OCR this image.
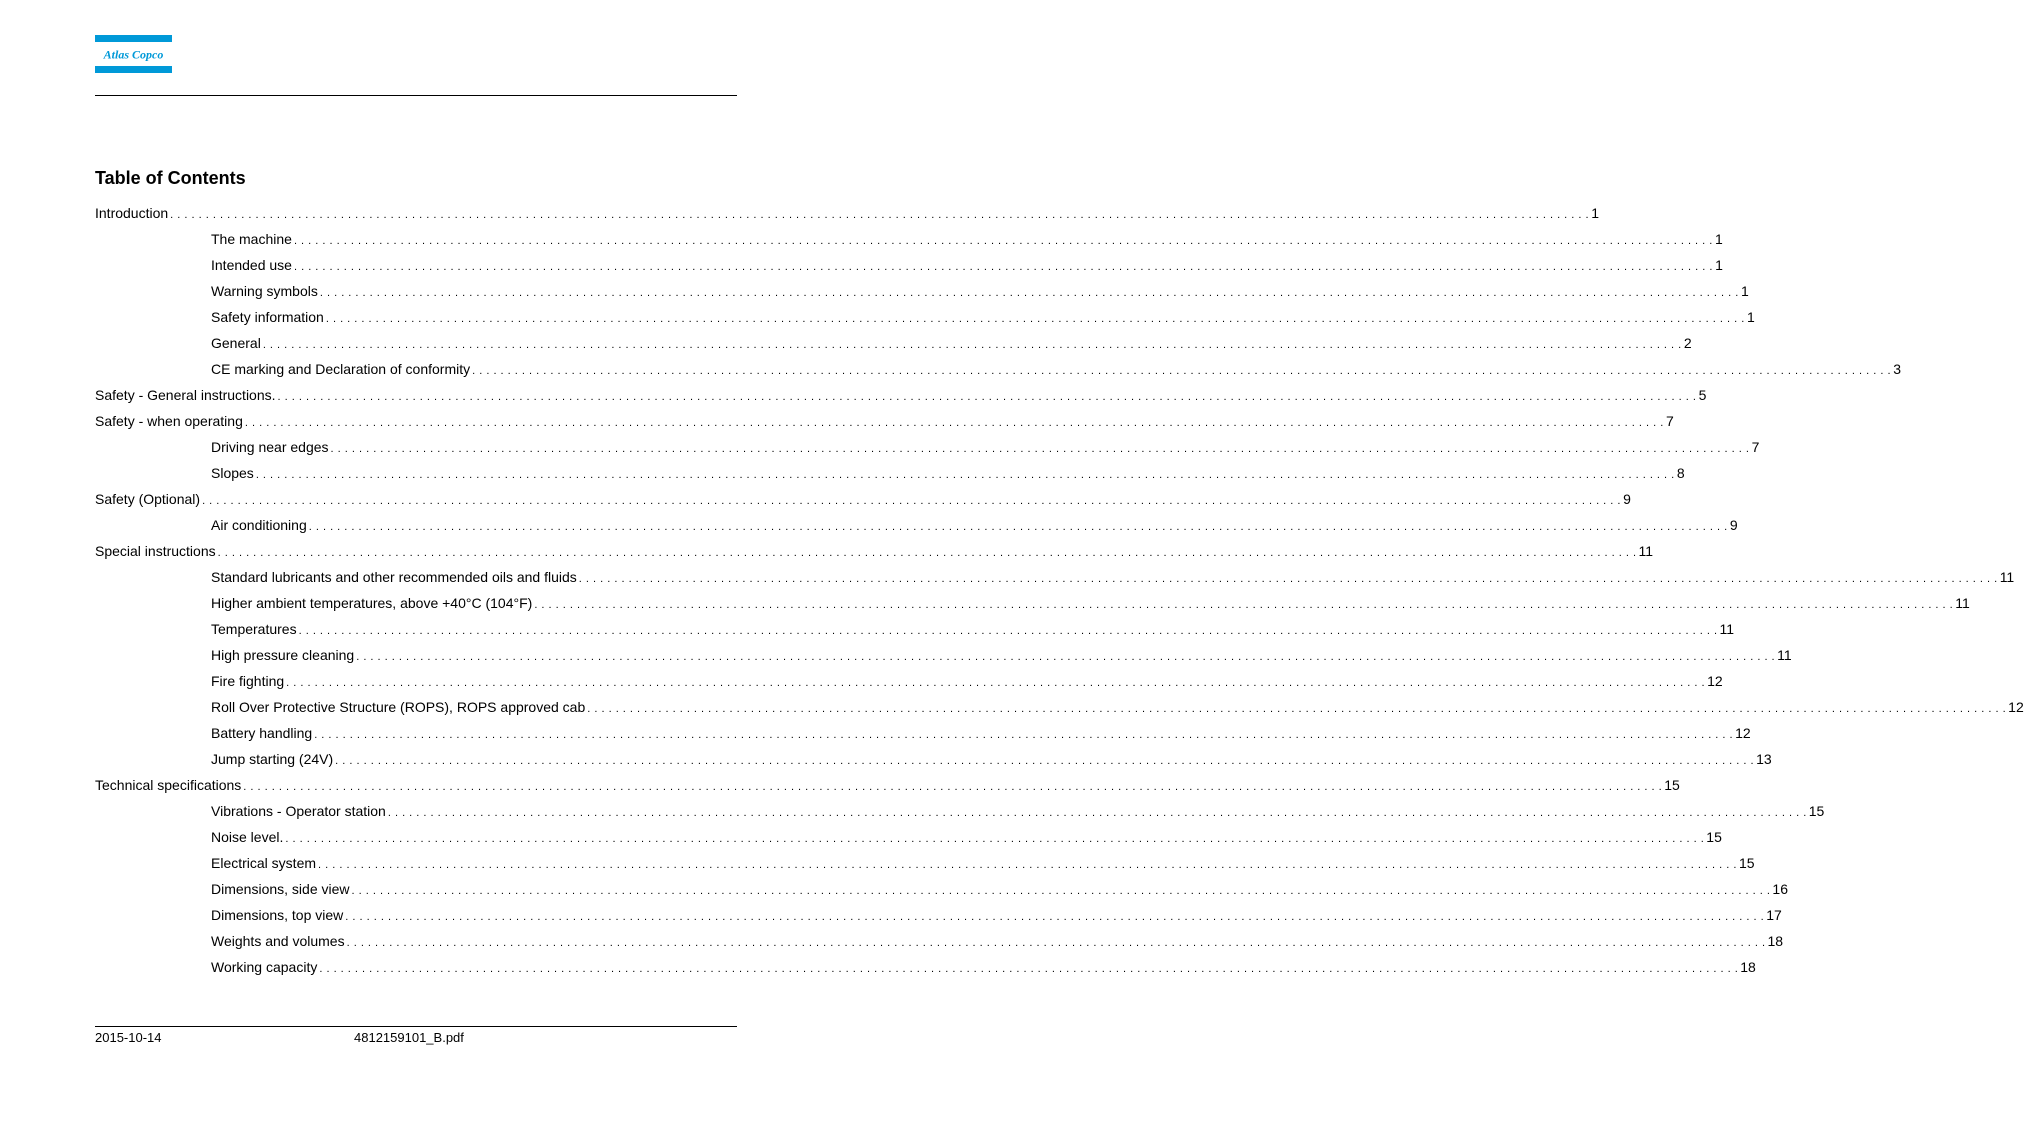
Atlas Copco
Table of Contents
Introduction . . . . . . . . . . . . . . . . . . . . . . . . . . . . . . . . . . . . . . . . . . . . . . . . . . . . . . . . . . . . . . . . . . . . . . . . . . . . . . . . . . . . . . . . . . . . . . . . . . . . . . . . . . . . . . . . . . . . . . . . . . . . . . . . . . . . . . . . . . . . . . . . . . . . . . . . . . . . . . . . . . . . . . . . . . . . . . . . . . . . . . . . . . . . . . . . . . . . . . . . 1
The machine . . . . . . . . . . . . . . . . . . . . . . . . . . . . . . . . . . . . . . . . . . . . . . . . . . . . . . . . . . . . . . . . . . . . . . . . . . . . . . . . . . . . . . . . . . . . . . . . . . . . . . . . . . . . . . . . . . . . . . . . . . . . . . . . . . . . . . . . . . . . . . . . . . . . . . . . . . . . . . . . . . . . . . . . . . . . . . . . . . . . . . . . . . . . . . . . . . . . . . . . 1
Intended use . . . . . . . . . . . . . . . . . . . . . . . . . . . . . . . . . . . . . . . . . . . . . . . . . . . . . . . . . . . . . . . . . . . . . . . . . . . . . . . . . . . . . . . . . . . . . . . . . . . . . . . . . . . . . . . . . . . . . . . . . . . . . . . . . . . . . . . . . . . . . . . . . . . . . . . . . . . . . . . . . . . . . . . . . . . . . . . . . . . . . . . . . . . . . . . . . . . . . . . . 1
Warning symbols . . . . . . . . . . . . . . . . . . . . . . . . . . . . . . . . . . . . . . . . . . . . . . . . . . . . . . . . . . . . . . . . . . . . . . . . . . . . . . . . . . . . . . . . . . . . . . . . . . . . . . . . . . . . . . . . . . . . . . . . . . . . . . . . . . . . . . . . . . . . . . . . . . . . . . . . . . . . . . . . . . . . . . . . . . . . . . . . . . . . . . . . . . . . . . . . . . . . . . . . 1
Safety information . . . . . . . . . . . . . . . . . . . . . . . . . . . . . . . . . . . . . . . . . . . . . . . . . . . . . . . . . . . . . . . . . . . . . . . . . . . . . . . . . . . . . . . . . . . . . . . . . . . . . . . . . . . . . . . . . . . . . . . . . . . . . . . . . . . . . . . . . . . . . . . . . . . . . . . . . . . . . . . . . . . . . . . . . . . . . . . . . . . . . . . . . . . . . . . . . . . . . . . . 1
General . . . . . . . . . . . . . . . . . . . . . . . . . . . . . . . . . . . . . . . . . . . . . . . . . . . . . . . . . . . . . . . . . . . . . . . . . . . . . . . . . . . . . . . . . . . . . . . . . . . . . . . . . . . . . . . . . . . . . . . . . . . . . . . . . . . . . . . . . . . . . . . . . . . . . . . . . . . . . . . . . . . . . . . . . . . . . . . . . . . . . . . . . . . . . . . . . . . . . . . . 2
CE marking and Declaration of conformity . . . . . . . . . . . . . . . . . . . . . . . . . . . . . . . . . . . . . . . . . . . . . . . . . . . . . . . . . . . . . . . . . . . . . . . . . . . . . . . . . . . . . . . . . . . . . . . . . . . . . . . . . . . . . . . . . . . . . . . . . . . . . . . . . . . . . . . . . . . . . . . . . . . . . . . . . . . . . . . . . . . . . . . . . . . . . . . . . . . . . . . . . . . . . . . . . . . . . . . . 3
Safety - General instructions. . . . . . . . . . . . . . . . . . . . . . . . . . . . . . . . . . . . . . . . . . . . . . . . . . . . . . . . . . . . . . . . . . . . . . . . . . . . . . . . . . . . . . . . . . . . . . . . . . . . . . . . . . . . . . . . . . . . . . . . . . . . . . . . . . . . . . . . . . . . . . . . . . . . . . . . . . . . . . . . . . . . . . . . . . . . . . . . . . . . . . . . . . . . . . . . . . . . . . . . . 5
Safety - when operating . . . . . . . . . . . . . . . . . . . . . . . . . . . . . . . . . . . . . . . . . . . . . . . . . . . . . . . . . . . . . . . . . . . . . . . . . . . . . . . . . . . . . . . . . . . . . . . . . . . . . . . . . . . . . . . . . . . . . . . . . . . . . . . . . . . . . . . . . . . . . . . . . . . . . . . . . . . . . . . . . . . . . . . . . . . . . . . . . . . . . . . . . . . . . . . . . . . . . . . . 7
Driving near edges . . . . . . . . . . . . . . . . . . . . . . . . . . . . . . . . . . . . . . . . . . . . . . . . . . . . . . . . . . . . . . . . . . . . . . . . . . . . . . . . . . . . . . . . . . . . . . . . . . . . . . . . . . . . . . . . . . . . . . . . . . . . . . . . . . . . . . . . . . . . . . . . . . . . . . . . . . . . . . . . . . . . . . . . . . . . . . . . . . . . . . . . . . . . . . . . . . . . . . . . 7
Slopes . . . . . . . . . . . . . . . . . . . . . . . . . . . . . . . . . . . . . . . . . . . . . . . . . . . . . . . . . . . . . . . . . . . . . . . . . . . . . . . . . . . . . . . . . . . . . . . . . . . . . . . . . . . . . . . . . . . . . . . . . . . . . . . . . . . . . . . . . . . . . . . . . . . . . . . . . . . . . . . . . . . . . . . . . . . . . . . . . . . . . . . . . . . . . . . . . . . . . . . . 8
Safety (Optional) . . . . . . . . . . . . . . . . . . . . . . . . . . . . . . . . . . . . . . . . . . . . . . . . . . . . . . . . . . . . . . . . . . . . . . . . . . . . . . . . . . . . . . . . . . . . . . . . . . . . . . . . . . . . . . . . . . . . . . . . . . . . . . . . . . . . . . . . . . . . . . . . . . . . . . . . . . . . . . . . . . . . . . . . . . . . . . . . . . . . . . . . . . . . . . . . . . . . . . . . 9
Air conditioning . . . . . . . . . . . . . . . . . . . . . . . . . . . . . . . . . . . . . . . . . . . . . . . . . . . . . . . . . . . . . . . . . . . . . . . . . . . . . . . . . . . . . . . . . . . . . . . . . . . . . . . . . . . . . . . . . . . . . . . . . . . . . . . . . . . . . . . . . . . . . . . . . . . . . . . . . . . . . . . . . . . . . . . . . . . . . . . . . . . . . . . . . . . . . . . . . . . . . . . . 9
Special instructions . . . . . . . . . . . . . . . . . . . . . . . . . . . . . . . . . . . . . . . . . . . . . . . . . . . . . . . . . . . . . . . . . . . . . . . . . . . . . . . . . . . . . . . . . . . . . . . . . . . . . . . . . . . . . . . . . . . . . . . . . . . . . . . . . . . . . . . . . . . . . . . . . . . . . . . . . . . . . . . . . . . . . . . . . . . . . . . . . . . . . . . . . . . . . . . . . . . . . . . . 11
Standard lubricants and other recommended oils and fluids . . . . . . . . . . . . . . . . . . . . . . . . . . . . . . . . . . . . . . . . . . . . . . . . . . . . . . . . . . . . . . . . . . . . . . . . . . . . . . . . . . . . . . . . . . . . . . . . . . . . . . . . . . . . . . . . . . . . . . . . . . . . . . . . . . . . . . . . . . . . . . . . . . . . . . . . . . . . . . . . . . . . . . . . . . . . . . . . . . . . . . . . . . . . . . . . . . . . . . . . 11
Higher ambient temperatures, above +40°C (104°F) . . . . . . . . . . . . . . . . . . . . . . . . . . . . . . . . . . . . . . . . . . . . . . . . . . . . . . . . . . . . . . . . . . . . . . . . . . . . . . . . . . . . . . . . . . . . . . . . . . . . . . . . . . . . . . . . . . . . . . . . . . . . . . . . . . . . . . . . . . . . . . . . . . . . . . . . . . . . . . . . . . . . . . . . . . . . . . . . . . . . . . . . . . . . . . . . . . . . . . . . 11
Temperatures . . . . . . . . . . . . . . . . . . . . . . . . . . . . . . . . . . . . . . . . . . . . . . . . . . . . . . . . . . . . . . . . . . . . . . . . . . . . . . . . . . . . . . . . . . . . . . . . . . . . . . . . . . . . . . . . . . . . . . . . . . . . . . . . . . . . . . . . . . . . . . . . . . . . . . . . . . . . . . . . . . . . . . . . . . . . . . . . . . . . . . . . . . . . . . . . . . . . . . . . 11
High pressure cleaning . . . . . . . . . . . . . . . . . . . . . . . . . . . . . . . . . . . . . . . . . . . . . . . . . . . . . . . . . . . . . . . . . . . . . . . . . . . . . . . . . . . . . . . . . . . . . . . . . . . . . . . . . . . . . . . . . . . . . . . . . . . . . . . . . . . . . . . . . . . . . . . . . . . . . . . . . . . . . . . . . . . . . . . . . . . . . . . . . . . . . . . . . . . . . . . . . . . . . . . . 11
Fire fighting . . . . . . . . . . . . . . . . . . . . . . . . . . . . . . . . . . . . . . . . . . . . . . . . . . . . . . . . . . . . . . . . . . . . . . . . . . . . . . . . . . . . . . . . . . . . . . . . . . . . . . . . . . . . . . . . . . . . . . . . . . . . . . . . . . . . . . . . . . . . . . . . . . . . . . . . . . . . . . . . . . . . . . . . . . . . . . . . . . . . . . . . . . . . . . . . . . . . . . . . 12
Roll Over Protective Structure (ROPS), ROPS approved cab . . . . . . . . . . . . . . . . . . . . . . . . . . . . . . . . . . . . . . . . . . . . . . . . . . . . . . . . . . . . . . . . . . . . . . . . . . . . . . . . . . . . . . . . . . . . . . . . . . . . . . . . . . . . . . . . . . . . . . . . . . . . . . . . . . . . . . . . . . . . . . . . . . . . . . . . . . . . . . . . . . . . . . . . . . . . . . . . . . . . . . . . . . . . . . . . . . . . . . . . 12
Battery handling . . . . . . . . . . . . . . . . . . . . . . . . . . . . . . . . . . . . . . . . . . . . . . . . . . . . . . . . . . . . . . . . . . . . . . . . . . . . . . . . . . . . . . . . . . . . . . . . . . . . . . . . . . . . . . . . . . . . . . . . . . . . . . . . . . . . . . . . . . . . . . . . . . . . . . . . . . . . . . . . . . . . . . . . . . . . . . . . . . . . . . . . . . . . . . . . . . . . . . . . 12
Jump starting (24V) . . . . . . . . . . . . . . . . . . . . . . . . . . . . . . . . . . . . . . . . . . . . . . . . . . . . . . . . . . . . . . . . . . . . . . . . . . . . . . . . . . . . . . . . . . . . . . . . . . . . . . . . . . . . . . . . . . . . . . . . . . . . . . . . . . . . . . . . . . . . . . . . . . . . . . . . . . . . . . . . . . . . . . . . . . . . . . . . . . . . . . . . . . . . . . . . . . . . . . . . 13
Technical specifications . . . . . . . . . . . . . . . . . . . . . . . . . . . . . . . . . . . . . . . . . . . . . . . . . . . . . . . . . . . . . . . . . . . . . . . . . . . . . . . . . . . . . . . . . . . . . . . . . . . . . . . . . . . . . . . . . . . . . . . . . . . . . . . . . . . . . . . . . . . . . . . . . . . . . . . . . . . . . . . . . . . . . . . . . . . . . . . . . . . . . . . . . . . . . . . . . . . . . . . . 15
Vibrations - Operator station . . . . . . . . . . . . . . . . . . . . . . . . . . . . . . . . . . . . . . . . . . . . . . . . . . . . . . . . . . . . . . . . . . . . . . . . . . . . . . . . . . . . . . . . . . . . . . . . . . . . . . . . . . . . . . . . . . . . . . . . . . . . . . . . . . . . . . . . . . . . . . . . . . . . . . . . . . . . . . . . . . . . . . . . . . . . . . . . . . . . . . . . . . . . . . . . . . . . . . . . 15
Noise level. . . . . . . . . . . . . . . . . . . . . . . . . . . . . . . . . . . . . . . . . . . . . . . . . . . . . . . . . . . . . . . . . . . . . . . . . . . . . . . . . . . . . . . . . . . . . . . . . . . . . . . . . . . . . . . . . . . . . . . . . . . . . . . . . . . . . . . . . . . . . . . . . . . . . . . . . . . . . . . . . . . . . . . . . . . . . . . . . . . . . . . . . . . . . . . . . . . . . . . . . 15
Electrical system . . . . . . . . . . . . . . . . . . . . . . . . . . . . . . . . . . . . . . . . . . . . . . . . . . . . . . . . . . . . . . . . . . . . . . . . . . . . . . . . . . . . . . . . . . . . . . . . . . . . . . . . . . . . . . . . . . . . . . . . . . . . . . . . . . . . . . . . . . . . . . . . . . . . . . . . . . . . . . . . . . . . . . . . . . . . . . . . . . . . . . . . . . . . . . . . . . . . . . . . 15
Dimensions, side view . . . . . . . . . . . . . . . . . . . . . . . . . . . . . . . . . . . . . . . . . . . . . . . . . . . . . . . . . . . . . . . . . . . . . . . . . . . . . . . . . . . . . . . . . . . . . . . . . . . . . . . . . . . . . . . . . . . . . . . . . . . . . . . . . . . . . . . . . . . . . . . . . . . . . . . . . . . . . . . . . . . . . . . . . . . . . . . . . . . . . . . . . . . . . . . . . . . . . . . . 16
Dimensions, top view . . . . . . . . . . . . . . . . . . . . . . . . . . . . . . . . . . . . . . . . . . . . . . . . . . . . . . . . . . . . . . . . . . . . . . . . . . . . . . . . . . . . . . . . . . . . . . . . . . . . . . . . . . . . . . . . . . . . . . . . . . . . . . . . . . . . . . . . . . . . . . . . . . . . . . . . . . . . . . . . . . . . . . . . . . . . . . . . . . . . . . . . . . . . . . . . . . . . . . . . 17
Weights and volumes . . . . . . . . . . . . . . . . . . . . . . . . . . . . . . . . . . . . . . . . . . . . . . . . . . . . . . . . . . . . . . . . . . . . . . . . . . . . . . . . . . . . . . . . . . . . . . . . . . . . . . . . . . . . . . . . . . . . . . . . . . . . . . . . . . . . . . . . . . . . . . . . . . . . . . . . . . . . . . . . . . . . . . . . . . . . . . . . . . . . . . . . . . . . . . . . . . . . . . . . 18
Working capacity . . . . . . . . . . . . . . . . . . . . . . . . . . . . . . . . . . . . . . . . . . . . . . . . . . . . . . . . . . . . . . . . . . . . . . . . . . . . . . . . . . . . . . . . . . . . . . . . . . . . . . . . . . . . . . . . . . . . . . . . . . . . . . . . . . . . . . . . . . . . . . . . . . . . . . . . . . . . . . . . . . . . . . . . . . . . . . . . . . . . . . . . . . . . . . . . . . . . . . . . 18
2015-10-14	4812159101_B.pdf
